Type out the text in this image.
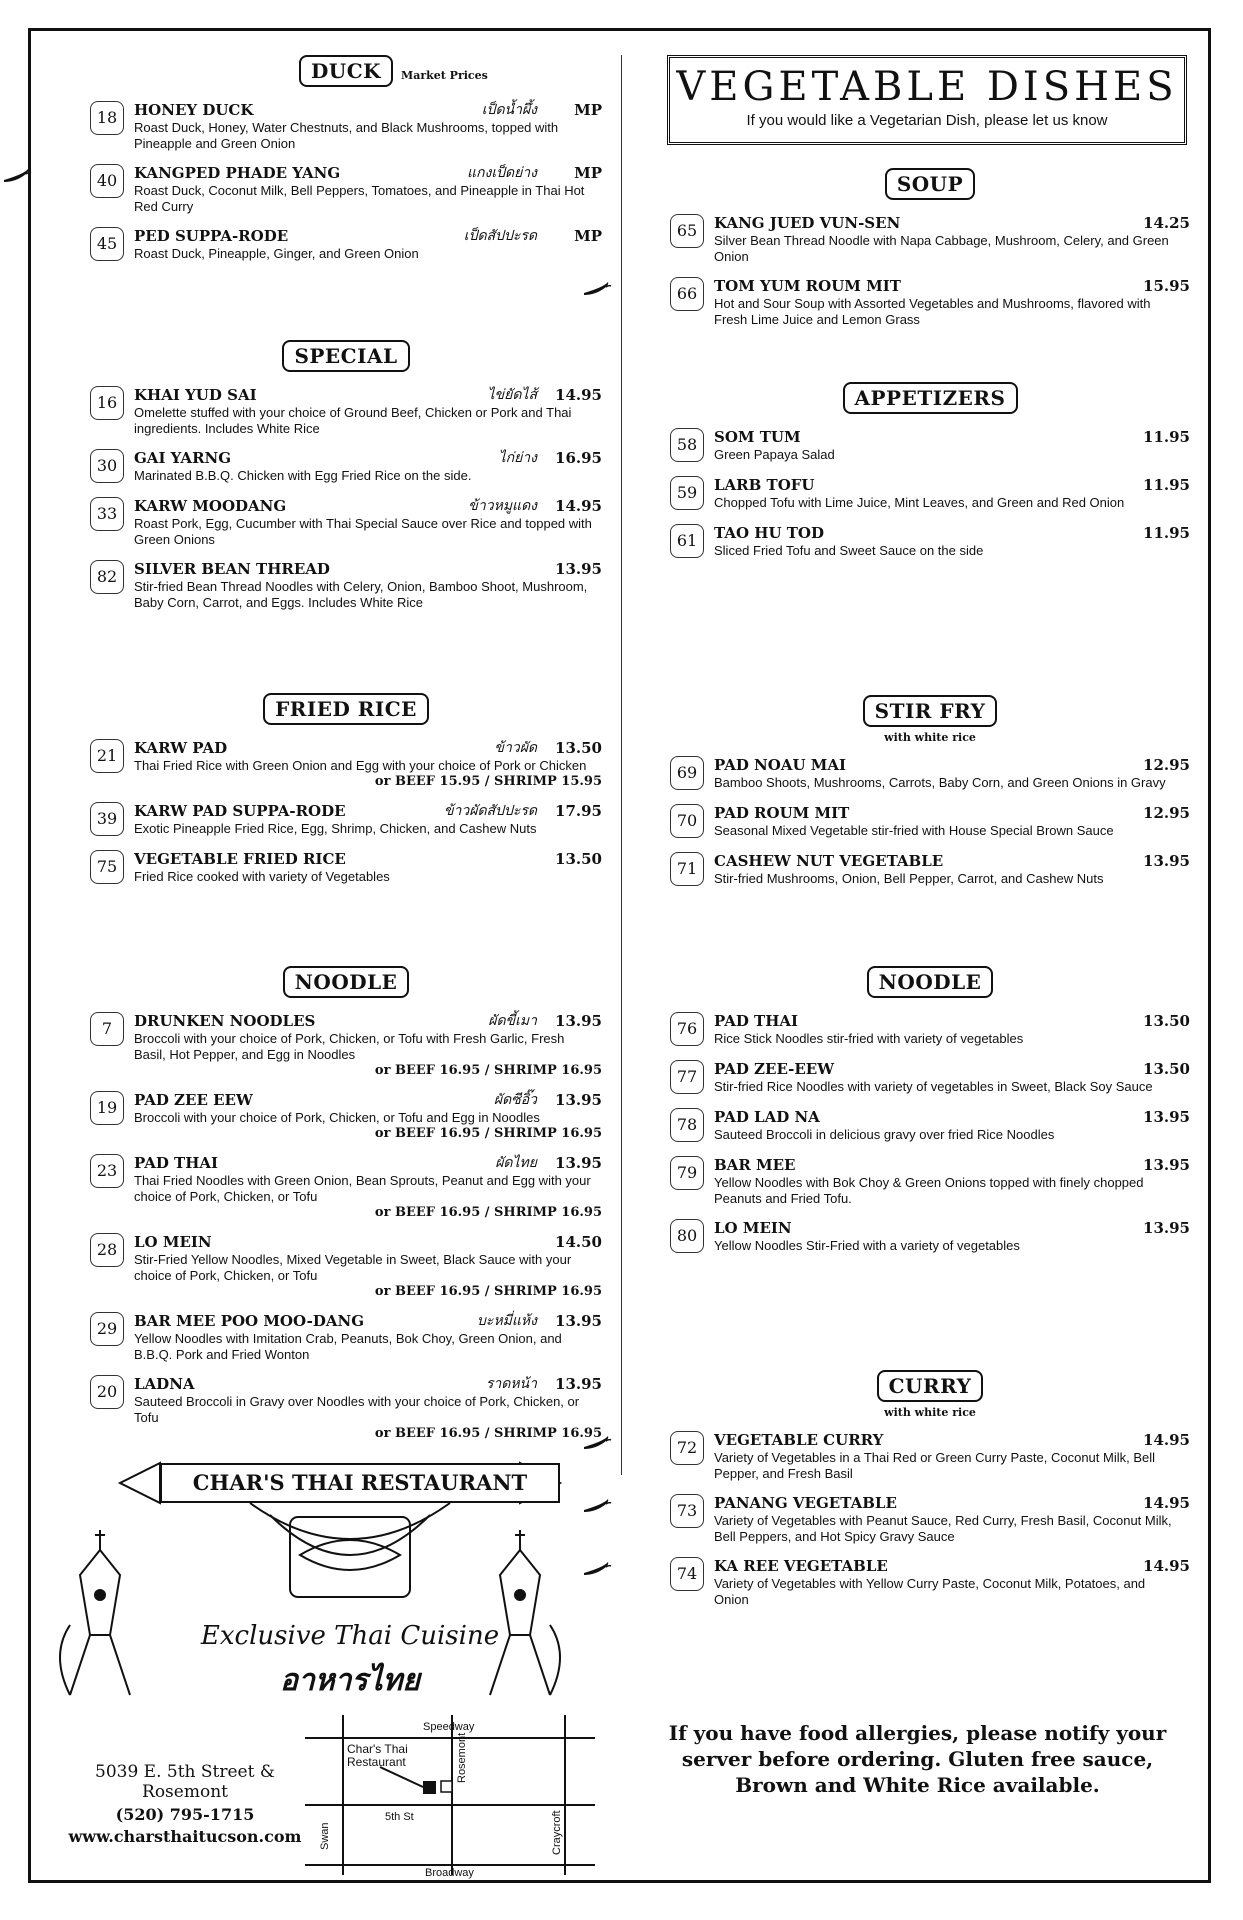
VEGETABLE DISHES
If you would like a Vegetarian Dish, please let us know
DUCK Market Prices
18	HONEY DUCK	เป็ดน้ำผึ้ง MP
Roast Duck, Honey, Water Chestnuts, and Black Mushrooms, topped with Pineapple and Green Onion
40	KANGPED PHADE YANG	แกงเป็ดย่าง MP
Roast Duck, Coconut Milk, Bell Peppers, Tomatoes, and Pineapple in Thai Hot Red Curry
45	PED SUPPA-RODE	เป็ดสัปปะรด MP
Roast Duck, Pineapple, Ginger, and Green Onion
SPECIAL
16	KHAI YUD SAI	ไข่ยัดไส้ 14.95
Omelette stuffed with your choice of Ground Beef, Chicken or Pork and Thai ingredients. Includes White Rice
30	GAI YARNG	ไก่ย่าง 16.95
Marinated B.B.Q. Chicken with Egg Fried Rice on the side.
33	KARW MOODANG	ข้าวหมูแดง 14.95
Roast Pork, Egg, Cucumber with Thai Special Sauce over Rice and topped with Green Onions
82	SILVER BEAN THREAD	13.95
Stir-fried Bean Thread Noodles with Celery, Onion, Bamboo Shoot, Mushroom, Baby Corn, Carrot, and Eggs. Includes White Rice
FRIED RICE
21	KARW PAD	ข้าวผัด 13.50
Thai Fried Rice with Green Onion and Egg with your choice of Pork or Chicken
or BEEF 15.95 / SHRIMP 15.95
39	KARW PAD SUPPA-RODE	ข้าวผัดสัปปะรด 17.95
Exotic Pineapple Fried Rice, Egg, Shrimp, Chicken, and Cashew Nuts
75	VEGETABLE FRIED RICE	13.50
Fried Rice cooked with variety of Vegetables
NOODLE
7	DRUNKEN NOODLES	ผัดขี้เมา 13.95
Broccoli with your choice of Pork, Chicken, or Tofu with Fresh Garlic, Fresh Basil, Hot Pepper, and Egg in Noodles
or BEEF 16.95 / SHRIMP 16.95
19	PAD ZEE EEW	ผัดซีอิ๊ว 13.95
Broccoli with your choice of Pork, Chicken, or Tofu and Egg in Noodles
or BEEF 16.95 / SHRIMP 16.95
23	PAD THAI	ผัดไทย 13.95
Thai Fried Noodles with Green Onion, Bean Sprouts, Peanut and Egg with your choice of Pork, Chicken, or Tofu
or BEEF 16.95 / SHRIMP 16.95
28	LO MEIN	14.50
Stir-Fried Yellow Noodles, Mixed Vegetable in Sweet, Black Sauce with your choice of Pork, Chicken, or Tofu
or BEEF 16.95 / SHRIMP 16.95
29	BAR MEE POO MOO-DANG	บะหมี่แห้ง 13.95
Yellow Noodles with Imitation Crab, Peanuts, Bok Choy, Green Onion, and B.B.Q. Pork and Fried Wonton
20	LADNA	ราดหน้า 13.95
Sauteed Broccoli in Gravy over Noodles with your choice of Pork, Chicken, or Tofu
or BEEF 16.95 / SHRIMP 16.95
SOUP
65	KANG JUED VUN-SEN	14.25
Silver Bean Thread Noodle with Napa Cabbage, Mushroom, Celery, and Green Onion
66	TOM YUM ROUM MIT	15.95
Hot and Sour Soup with Assorted Vegetables and Mushrooms, flavored with Fresh Lime Juice and Lemon Grass
APPETIZERS
58	SOM TUM	11.95
Green Papaya Salad
59	LARB TOFU	11.95
Chopped Tofu with Lime Juice, Mint Leaves, and Green and Red Onion
61	TAO HU TOD	11.95
Sliced Fried Tofu and Sweet Sauce on the side
STIR FRY
with white rice
69	PAD NOAU MAI	12.95
Bamboo Shoots, Mushrooms, Carrots, Baby Corn, and Green Onions in Gravy
70	PAD ROUM MIT	12.95
Seasonal Mixed Vegetable stir-fried with House Special Brown Sauce
71	CASHEW NUT VEGETABLE	13.95
Stir-fried Mushrooms, Onion, Bell Pepper, Carrot, and Cashew Nuts
NOODLE
76	PAD THAI	13.50
Rice Stick Noodles stir-fried with variety of vegetables
77	PAD ZEE-EEW	13.50
Stir-fried Rice Noodles with variety of vegetables in Sweet, Black Soy Sauce
78	PAD LAD NA	13.95
Sauteed Broccoli in delicious gravy over fried Rice Noodles
79	BAR MEE	13.95
Yellow Noodles with Bok Choy & Green Onions topped with finely chopped Peanuts and Fried Tofu.
80	LO MEIN	13.95
Yellow Noodles Stir-Fried with a variety of vegetables
CURRY
with white rice
72	VEGETABLE CURRY	14.95
Variety of Vegetables in a Thai Red or Green Curry Paste, Coconut Milk, Bell Pepper, and Fresh Basil
73	PANANG VEGETABLE	14.95
Variety of Vegetables with Peanut Sauce, Red Curry, Fresh Basil, Coconut Milk, Bell Peppers, and Hot Spicy Gravy Sauce
74	KA REE VEGETABLE	14.95
Variety of Vegetables with Yellow Curry Paste, Coconut Milk, Potatoes, and Onion
CHAR'S THAI RESTAURANT
Exclusive Thai Cuisine
อาหารไทย
5039 E. 5th Street & Rosemont
(520) 795-1715
www.charsthaitucson.com
Speedway
5th St
Broadway
Swan
Rosemont
Craycroft
Char's Thai
Restaurant
If you have food allergies, please notify your server before ordering. Gluten free sauce, Brown and White Rice available.
